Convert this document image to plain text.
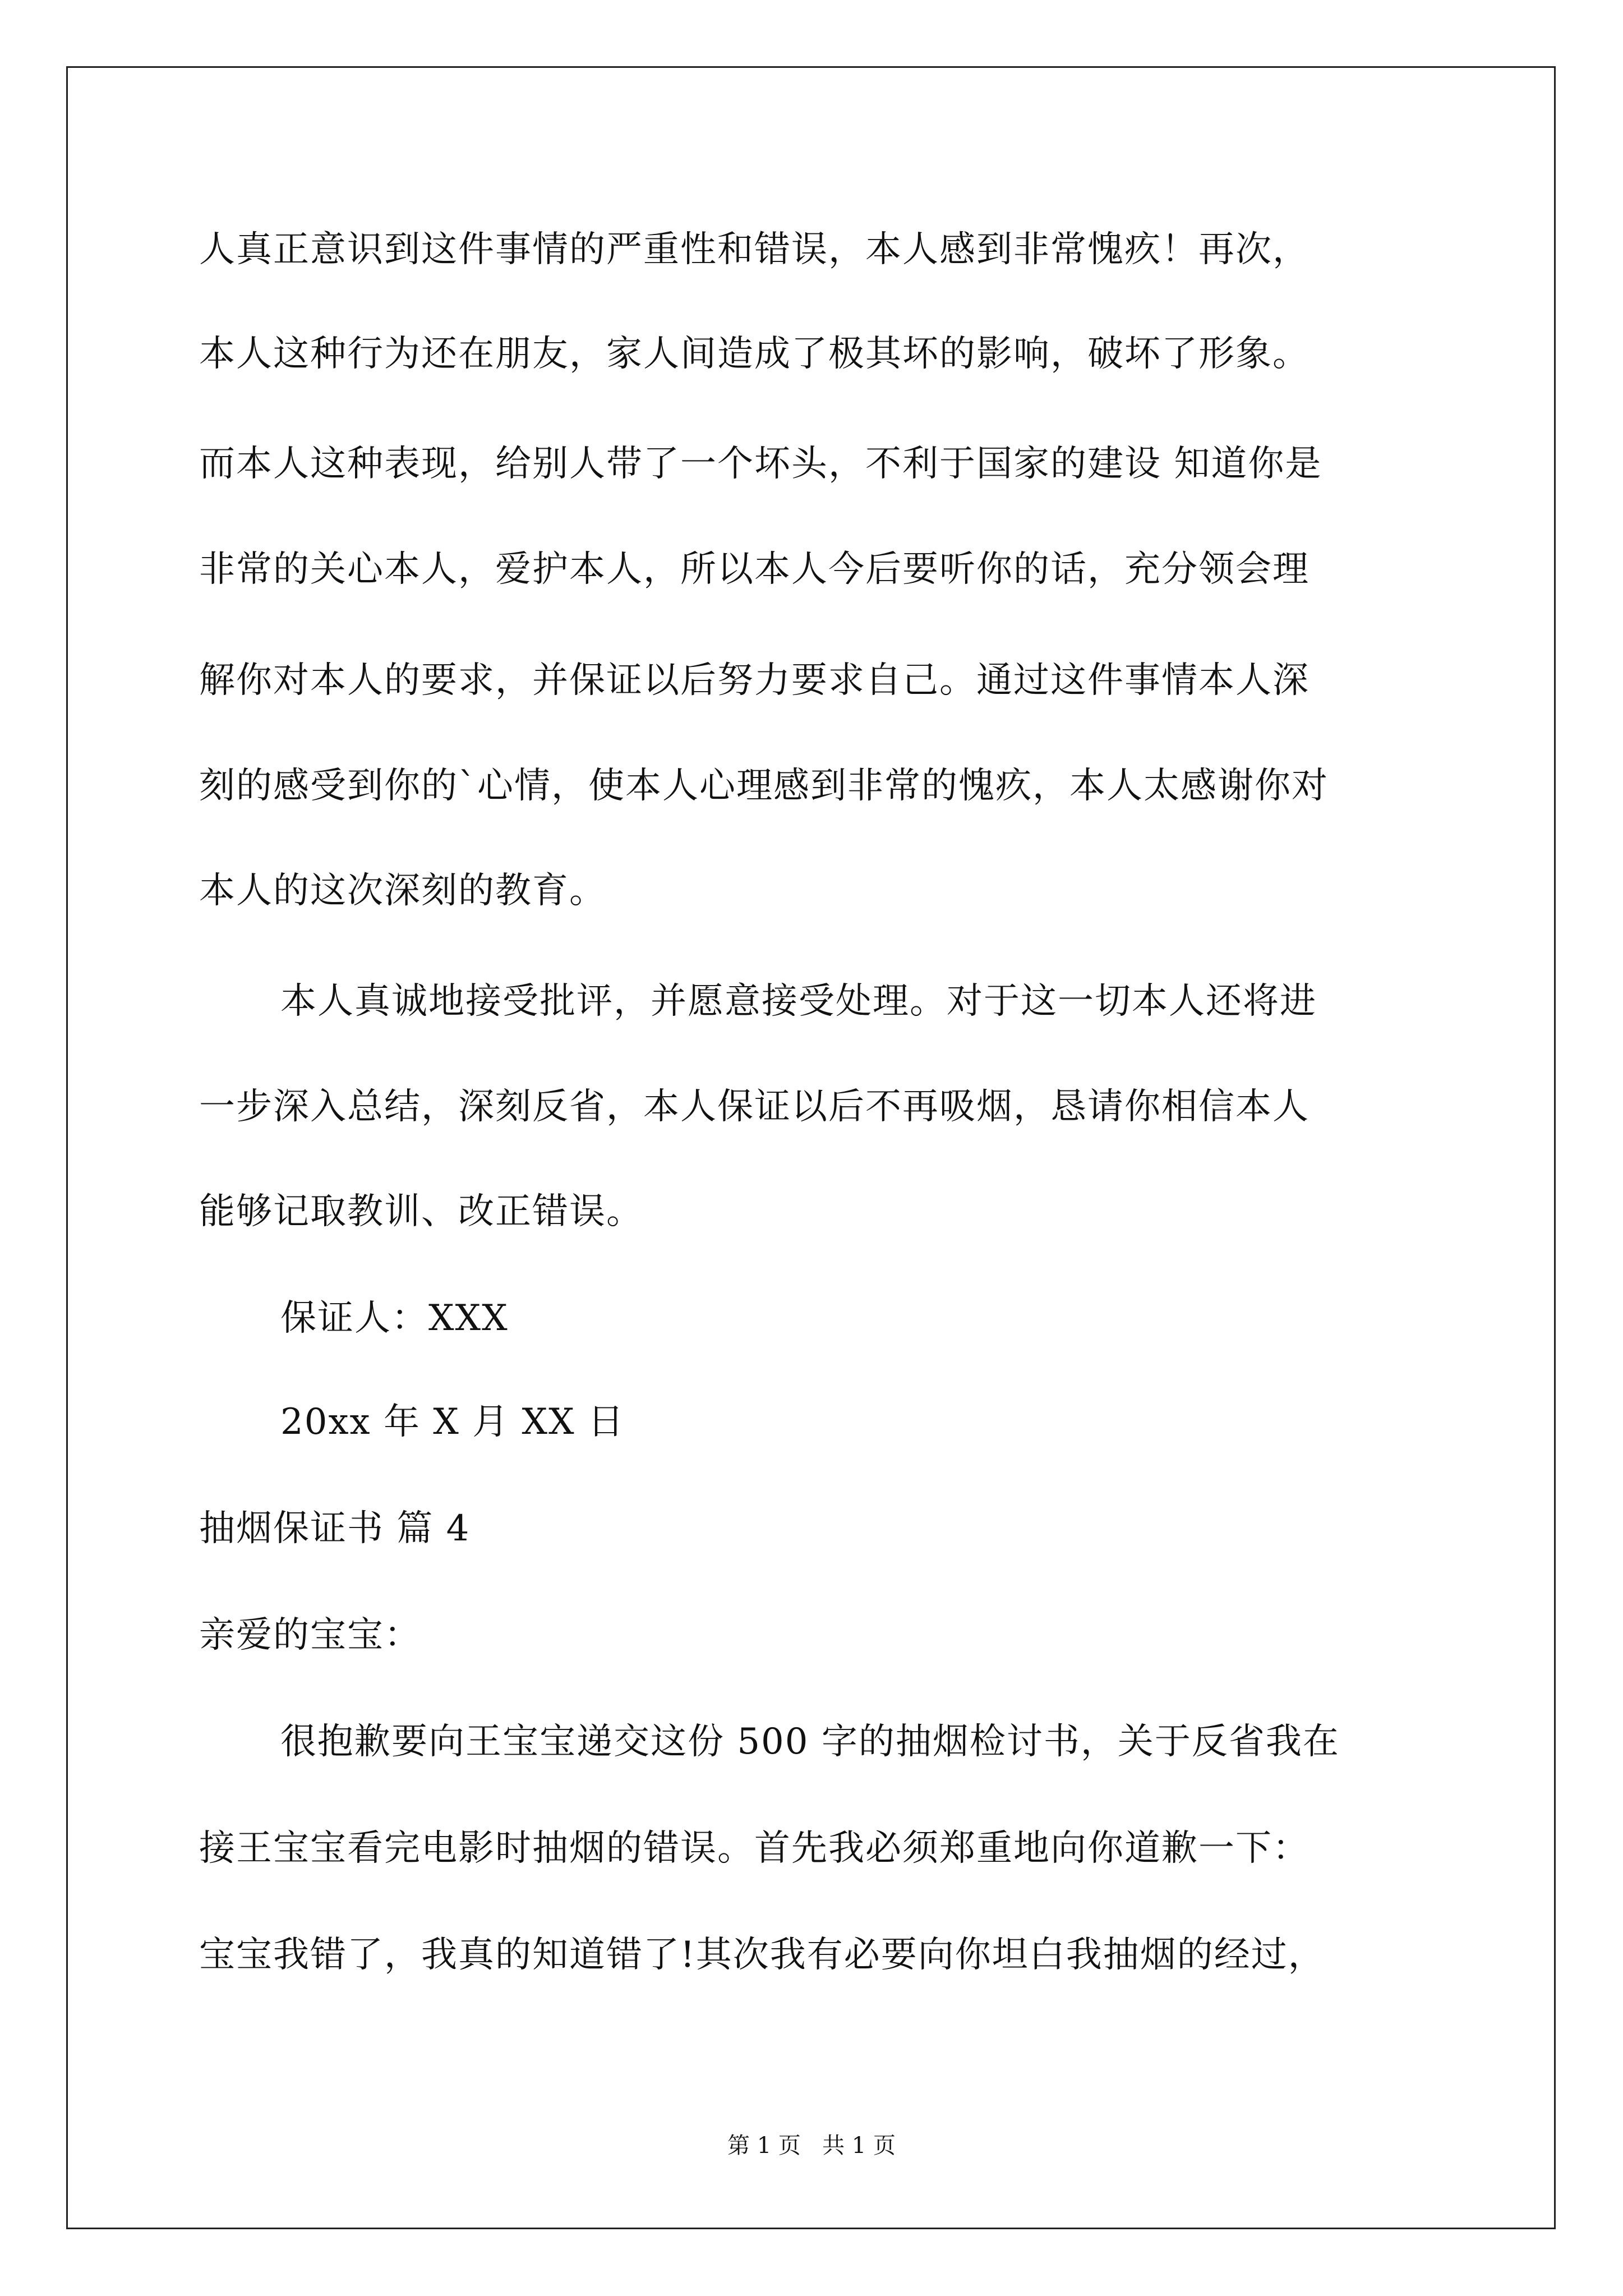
人真正意识到这件事情的严重性和错误，本人感到非常愧疚！再次，
本人这种行为还在朋友，家人间造成了极其坏的影响，破坏了形象。
而本人这种表现，给别人带了一个坏头，不利于国家的建设 知道你是
非常的关心本人，爱护本人，所以本人今后要听你的话，充分领会理
解你对本人的要求，并保证以后努力要求自己。通过这件事情本人深
刻的感受到你的`心情，使本人心理感到非常的愧疚，本人太感谢你对
本人的这次深刻的教育。
本人真诚地接受批评，并愿意接受处理。对于这一切本人还将进
一步深入总结，深刻反省，本人保证以后不再吸烟，恳请你相信本人
能够记取教训、改正错误。
保证人：XXX
20xx 年 X 月 XX 日
抽烟保证书 篇 4
亲爱的宝宝：
很抱歉要向王宝宝递交这份 500 字的抽烟检讨书，关于反省我在
接王宝宝看完电影时抽烟的错误。首先我必须郑重地向你道歉一下：
宝宝我错了，我真的知道错了!其次我有必要向你坦白我抽烟的经过，
第 1 页   共 1 页
